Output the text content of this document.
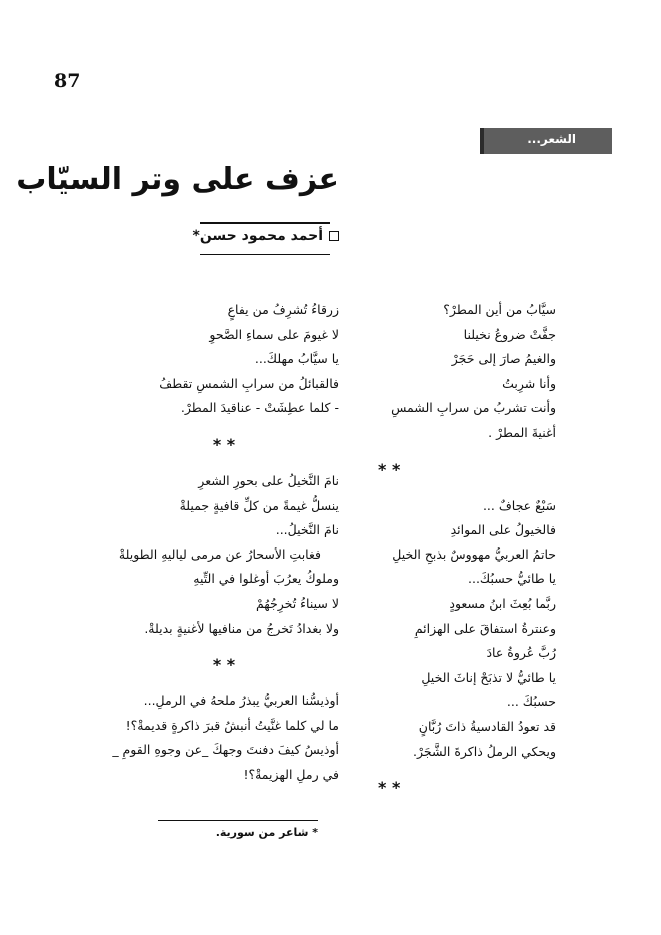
87
الشعر...
عزف على وتر السيّاب
أحمد محمود حسن*
سيَّابُ من أين المطرْ؟
جفَّتْ ضروعُ نخيلنا
والغيمُ صارَ إلى حَجَرْ
وأنا شرِبتُ
وأنت تشربُ من سرابِ الشمسِ
أغنيةَ المطرْ .
* *
سَبْعٌ عجافٌ ...
فالخيولُ على الموائدِ
حاتمُ العربيُّ مهووسٌ بذبحِ الخيلِ
يا طائيُّ حسبُكَ...
ربَّما بُعِثَ ابنُ مسعودٍ
وعنترةُ استفاقَ على الهزائمِ
رُبَّ عُروةُ عادَ
يا طائيُّ لا تذبَحْ إناثَ الخيلِ
حسبُكَ ...
قد تعودُ القادسيةُ ذاتَ رُبَّانٍ
ويحكي الرملُ ذاكرةَ الشَّجَرْ.
* *
زرقاءُ تُشرِفُ من يفاعٍ
لا غيومَ على سماءِ الصَّحوِ
يا سيَّابُ مهلكَ...
فالقبائلُ من سرابِ الشمسِ تقطفُ
- كلما عطِشَتْ - عناقيدَ المطرْ.
* *
نامَ النَّخيلُ على بحورِ الشعرِ
ينسلُّ غيمةً من كلِّ قافيةٍ جميلةْ
نامَ النَّخيلُ...
فغابتِ الأسحارُ عن مرمى لياليهِ الطويلةْ
وملوكُ يعرُبَ أوغلوا في التِّيهِ
لا سيناءُ تُخرِجُهُمْ
ولا بغدادُ تَخرجُ من منافيها لأغنيةٍ بديلةْ.
* *
أوذيسُّنا العربيُّ يبذرُ ملحهُ في الرملِ...
ما لي كلما غنَّيتُ أنبشُ قبرَ ذاكرةٍ قديمةْ؟!
أوذيسُ كيفَ دفنتَ وجهكَ _عن وجوهِ القومِ _
في رملِ الهزيمةْ؟!
* شاعر من سورية.
